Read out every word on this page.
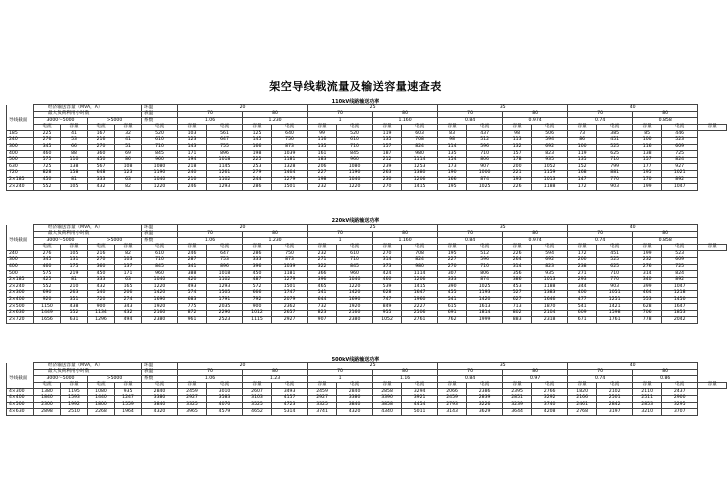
架空导线载流量及输送容量速查表
110kV线路输送功率
	经济输送容量（MVA，A）				环温	20				25				35				40				
	最大负荷利用小时数				表温	70		80		70		80		70		80		70		80		
导线截面	3000～5000		>5000		系数	1.06		1.230		1		1.160		0.84		0.974		0.74		0.858		
	电流	容量	电流	容量	电流	容量	电流	容量	电流	容量	电流	容量	电流	容量	电流	容量	电流	容量	电流	容量	电流	容量
185	225	41	167	32	520	103	561	125	640	99	520	119	603	83	437	98	506	73	385	85	446	
240	276	53	216	41	610	123	647	145	750	116	610	135	708	98	512	113	594	86	451	100	523	
300	345	66	270	51	710	143	755	166	873	135	710	157	824	114	596	132	692	100	525	116	609	
400	460	88	360	69	845	171	896	198	1039	161	845	187	980	135	710	157	823	119	625	138	725	
500	575	110	450	86	960	194	1018	225	1181	183	960	212	1114	154	806	178	935	135	710	157	824	
630	725	138	567	108	1080	218	1145	253	1328	206	1080	239	1253	173	907	200	1052	152	799	177	927	
720	828	158	648	123	1190	240	1261	279	1464	227	1190	263	1380	190	1000	221	1159	168	881	195	1021	
2×185	450	81	333	63	1040	210	1102	244	1279	198	1040	230	1206	166	874	193	1013	147	770	170	892	
2×240	552	105	432	82	1220	246	1293	286	1501	232	1220	270	1415	195	1025	226	1188	172	903	199	1047	
220kV线路输送功率
	经济输送容量（MVA，A）				环温	20				25				35				40				
	最大负荷利用小时数				表温	70		80		70		80		70		80		70		80		
导线截面	3000～5000		>5000		系数	1.06		1.230		1		1.160		0.84		0.974		0.74		0.858		
	电流	容量	电流	容量	电流	容量	电流	容量	电流	容量	电流	容量	电流	容量	电流	容量	电流	容量	电流	容量	电流	容量
240	276	105	216	82	610	246	647	286	750	232	610	270	708	195	512	226	594	172	451	199	523	
300	345	131	270	103	710	287	753	333	873	271	710	314	824	227	596	264	692	200	525	232	609	
400	460	175	360	137	845	341	896	396	1039	322	845	373	980	270	710	314	823	238	625	276	725	
500	575	219	450	171	960	388	1018	450	1181	366	960	424	1114	307	806	356	935	271	710	314	824	
2×185	425	81	333	63	1040	420	1102	487	1279	396	1040	460	1206	333	874	386	1013	293	770	340	892	
2×240	552	210	432	165	1220	493	1293	572	1501	465	1220	539	1415	390	1025	453	1188	344	903	399	1047	
2×300	690	263	540	206	1420	574	1505	666	1747	541	1420	628	1647	455	1193	527	1383	400	1051	464	1218	
2×400	920	351	720	274	1690	683	1791	792	2079	644	1690	747	1960	541	1420	627	1646	477	1251	553	1450	
2×500	1150	438	900	343	1920	775	2035	900	2362	732	1920	849	2227	615	1613	713	1870	541	1421	628	1647	
2×630	1449	552	1134	432	2160	872	2290	1012	2657	823	2160	955	2506	691	1814	802	2104	609	1598	706	1853	
2×720	1656	631	1296	494	2380	961	2523	1115	2927	907	2380	1052	2761	762	1999	883	2318	671	1761	778	2042	
500kV线路输送功率
	经济输送容量（MVA，A）				环温	20				25				35				40				
	最大负荷利用小时数				表温	70		80		70		80		70		80		70		80		
导线截面	3000～5000		>5000		系数	1.06		1.23		1		1.16		0.84		0.97		0.74		0.86		
	电流	容量	电流	容量	电流	容量	电流	容量	电流	容量	电流	容量	电流	容量	电流	容量	电流	容量	电流	容量	电流	容量
4×300	1380	1195	1080	935	2840	2459	3010	2607	3493	2459	2840	2858	3294	2066	2386	2395	2766	1820	2102	2110	2437	
4×400	1840	1593	1440	1247	3380	2927	3583	3103	4157	2927	3380	3390	3921	2459	2839	2851	3292	2166	2501	2511	2900	
4×500	2300	1992	1800	1559	3840	3325	4070	3525	4723	3325	3840	3858	4454	2793	3226	3239	3740	2461	2842	2853	3295	
4×630	2898	2510	2268	1964	4320	3965	4579	4652	5314	3741	4320	4340	5011	3143	3629	3644	4208	2768	3197	3210	3707	
